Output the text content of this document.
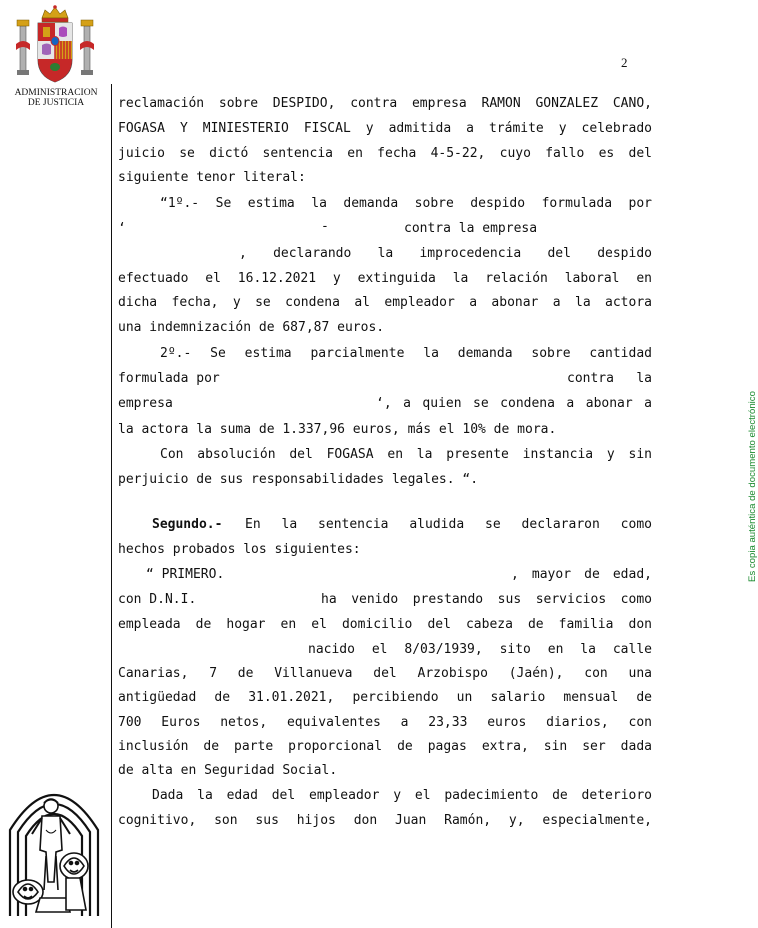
ADMINISTRACION
DE JUSTICIA
2
Es copia auténtica de documento electrónico
reclamación sobre DESPIDO, contra empresa RAMON GONZALEZ CANO,
FOGASA Y MINIESTERIO FISCAL y admitida a trámite y celebrado
juicio se dictó sentencia en fecha 4-5-22, cuyo fallo es del
siguiente tenor literal:
“1º.- Se estima la demanda sobre despido formulada por
‘	contra la empresa
-
, declarando la improcedencia del despido
efectuado el 16.12.2021 y extinguida la relación laboral en
dicha fecha, y se condena al empleador a abonar a la actora
una indemnización de 687,87 euros.
2º.- Se estima parcialmente la demanda sobre cantidad
formulada por	contra la
empresa	‘, a quien se condena a abonar a
la actora la suma de 1.337,96 euros, más el 10% de mora.
Con absolución del FOGASA en la presente instancia y sin
perjuicio de sus responsabilidades legales. “.
Segundo.-	En la sentencia aludida se declararon como
hechos probados los siguientes:
“ PRIMERO.	, mayor de edad,
con D.N.I.	ha venido prestando sus servicios como
empleada de hogar en el domicilio del cabeza de familia don
nacido el 8/03/1939, sito en la calle
Canarias, 7 de Villanueva del Arzobispo (Jaén), con una
antigüedad de 31.01.2021, percibiendo un salario mensual de
700 Euros netos, equivalentes a 23,33 euros diarios, con
inclusión de parte proporcional de pagas extra, sin ser dada
de alta en Seguridad Social.
Dada la edad del empleador y el padecimiento de deterioro
cognitivo, son sus hijos don Juan Ramón, y, especialmente,
